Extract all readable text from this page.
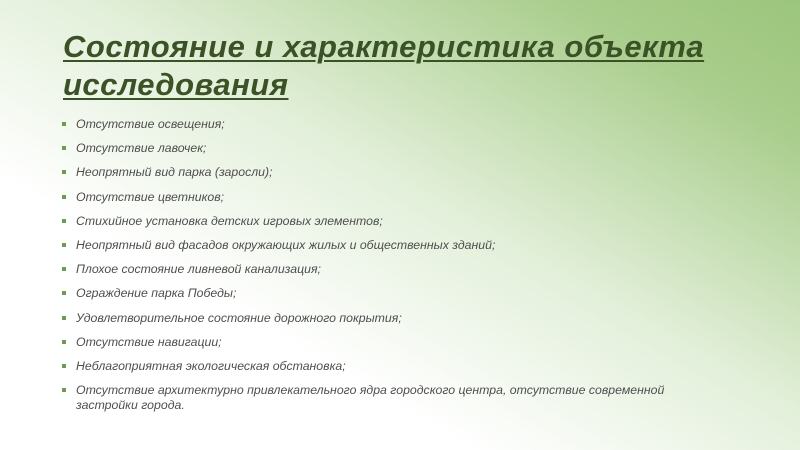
Состояние и характеристика объекта исследования
Отсутствие освещения;
Отсутствие лавочек;
Неопрятный вид парка (заросли);
Отсутствие цветников;
Стихийное установка детских игровых элементов;
Неопрятный вид фасадов окружающих жилых и общественных зданий;
Плохое состояние ливневой канализация;
Ограждение парка Победы;
Удовлетворительное состояние дорожного покрытия;
Отсутствие навигации;
Неблагоприятная экологическая обстановка;
Отсутствие архитектурно привлекательного ядра городского центра, отсутствие современной застройки города.
